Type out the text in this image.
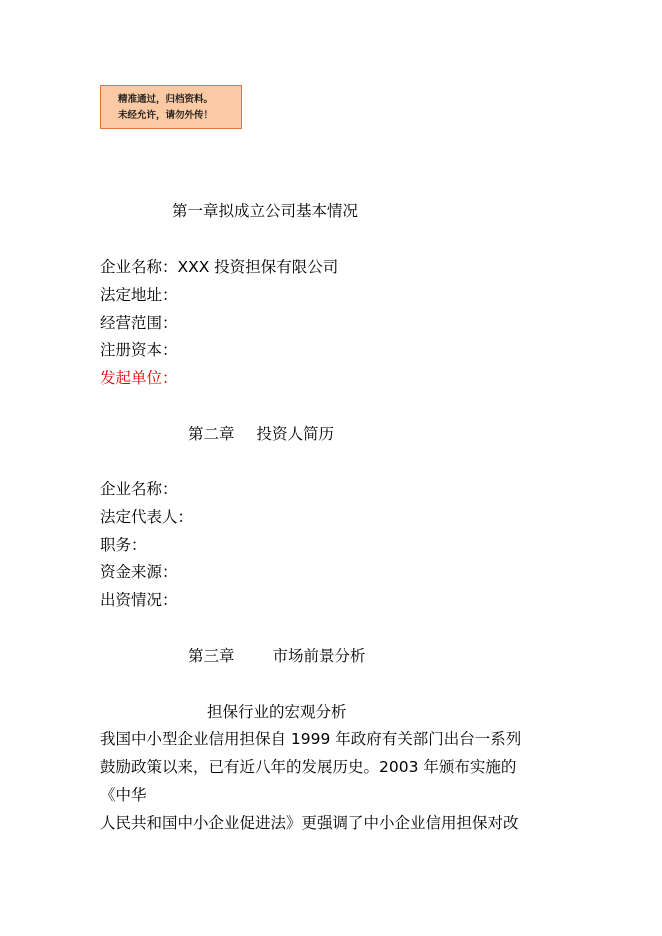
精准通过，归档资料。
未经允许，请勿外传！
第一章拟成立公司基本情况
企业名称：XXX 投资担保有限公司
法定地址：
经营范围：
注册资本：
发起单位：
第二章 投资人简历
企业名称：
法定代表人：
职务：
资金来源：
出资情况：
第三章 市场前景分析
担保行业的宏观分析
我国中小型企业信用担保自 1999 年政府有关部门出台一系列
鼓励政策以来，已有近八年的发展历史。2003 年颁布实施的
《中华
人民共和国中小企业促进法》更强调了中小企业信用担保对改
